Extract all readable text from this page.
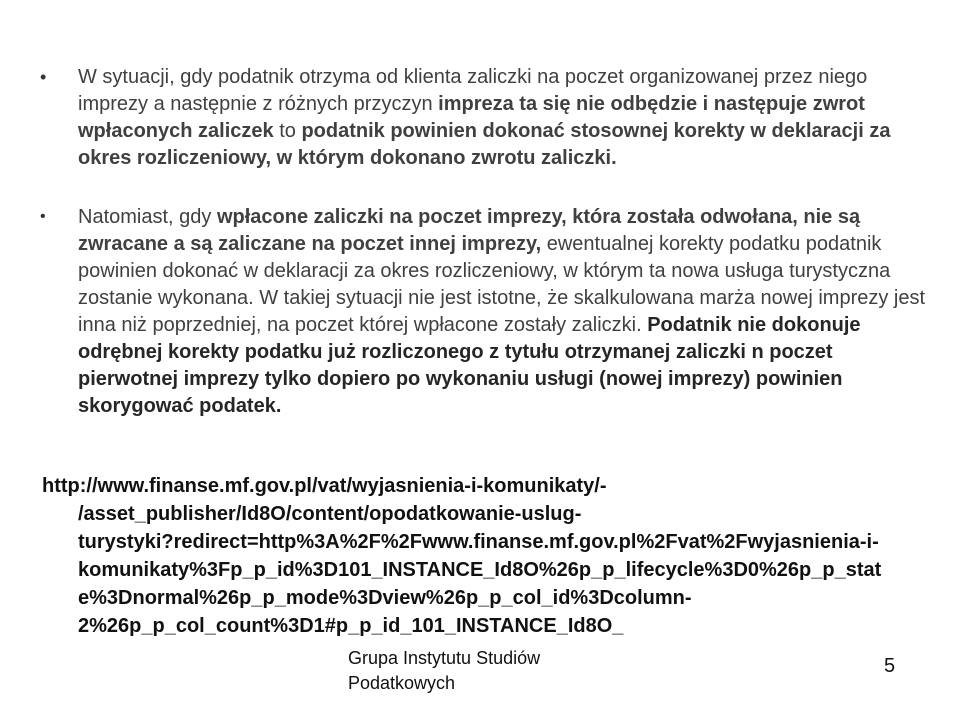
• W sytuacji, gdy podatnik otrzyma od klienta zaliczki na poczet organizowanej przez niego imprezy a następnie z różnych przyczyn impreza ta się nie odbędzie i następuje zwrot wpłaconych zaliczek to podatnik powinien dokonać stosownej korekty w deklaracji za okres rozliczeniowy, w którym dokonano zwrotu zaliczki.
• Natomiast, gdy wpłacone zaliczki na poczet imprezy, która została odwołana, nie są zwracane a są zaliczane na poczet innej imprezy, ewentualnej korekty podatku podatnik powinien dokonać w deklaracji za okres rozliczeniowy, w którym ta nowa usługa turystyczna zostanie wykonana. W takiej sytuacji nie jest istotne, że skalkulowana marża nowej imprezy jest inna niż poprzedniej, na poczet której wpłacone zostały zaliczki. Podatnik nie dokonuje odrębnej korekty podatku już rozliczonego z tytułu otrzymanej zaliczki n poczet pierwotnej imprezy tylko dopiero po wykonaniu usługi (nowej imprezy) powinien skorygować podatek.
http://www.finanse.mf.gov.pl/vat/wyjasnienia-i-komunikaty/-
/asset_publisher/Id8O/content/opodatkowanie-uslug-
turystyki?redirect=http%3A%2F%2Fwww.finanse.mf.gov.pl%2Fvat%2Fwyjasnienia-i-
komunikaty%3Fp_p_id%3D101_INSTANCE_Id8O%26p_p_lifecycle%3D0%26p_p_stat
e%3Dnormal%26p_p_mode%3Dview%26p_p_col_id%3Dcolumn-
2%26p_p_col_count%3D1#p_p_id_101_INSTANCE_Id8O_
Grupa Instytutu Studiów
Podatkowych
5
